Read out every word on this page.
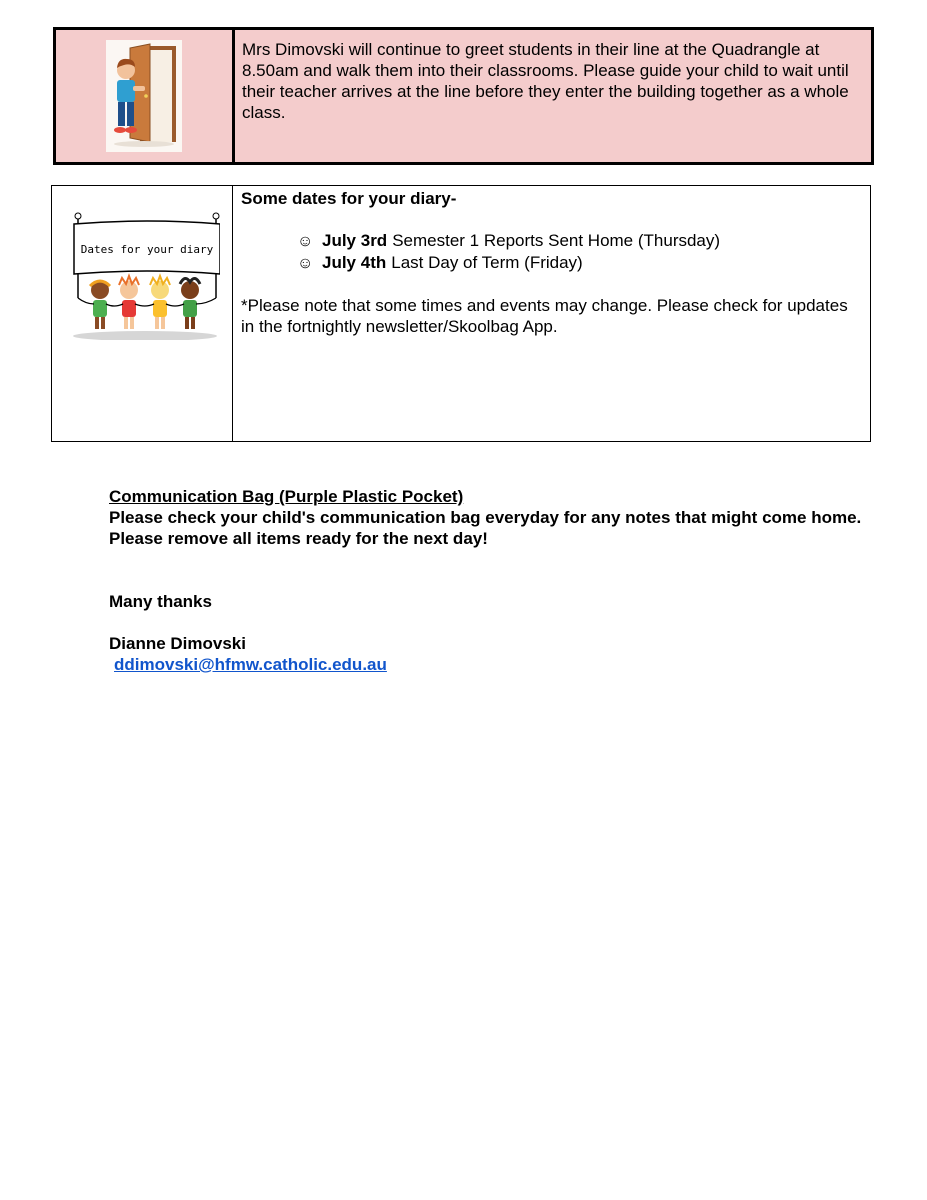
Mrs Dimovski will continue to greet students in their line at the Quadrangle at 8.50am and walk them into their classrooms. Please guide your child to wait until their teacher arrives at the line before they enter the building together as a whole class.
Dates for your diary

Some dates for your diary-

☺ July 3rd Semester 1 Reports Sent Home (Thursday)
☺ July 4th Last Day of Term (Friday)

*Please note that some times and events may change. Please check for updates in the fortnightly newsletter/Skoolbag App.

Communication Bag (Purple Plastic Pocket)

Please check your child's communication bag everyday for any notes that might come home. Please remove all items ready for the next day!

Many thanks

Dianne Dimovski

ddimovski@hfmw.catholic.edu.au
